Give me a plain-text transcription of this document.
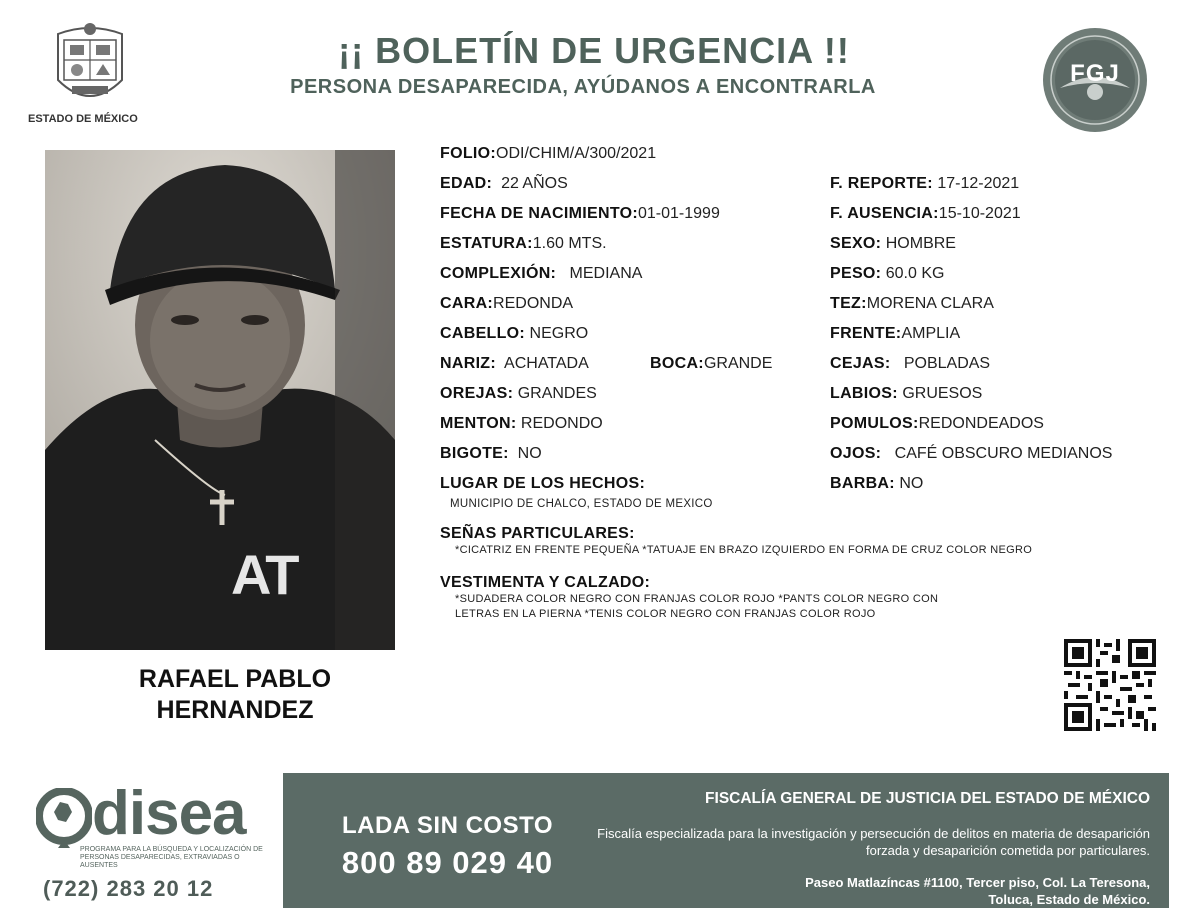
ESTADO DE MÉXICO
¡¡ BOLETÍN DE URGENCIA !!
PERSONA DESAPARECIDA, AYÚDANOS A ENCONTRARLA	FGJ
AT
RAFAEL PABLO
HERNANDEZ
FOLIO:ODI/CHIM/A/300/2021
EDAD: 22 AÑOS
FECHA DE NACIMIENTO:01-01-1999
ESTATURA:1.60 MTS.
COMPLEXIÓN: MEDIANA
CARA:REDONDA
CABELLO: NEGRO
NARIZ: ACHATADA	BOCA:GRANDE
OREJAS: GRANDES
MENTON: REDONDO
BIGOTE: NO
LUGAR DE LOS HECHOS:
MUNICIPIO DE CHALCO, ESTADO DE MEXICO
F. REPORTE: 17-12-2021
F. AUSENCIA:15-10-2021
SEXO: HOMBRE
PESO: 60.0 KG
TEZ:MORENA CLARA
FRENTE:AMPLIA
CEJAS: POBLADAS
LABIOS: GRUESOS
POMULOS:REDONDEADOS
OJOS: CAFÉ OBSCURO MEDIANOS
BARBA: NO
SEÑAS PARTICULARES:
*CICATRIZ EN FRENTE PEQUEÑA *TATUAJE EN BRAZO IZQUIERDO EN FORMA DE CRUZ COLOR NEGRO
VESTIMENTA Y CALZADO:
*SUDADERA COLOR NEGRO CON FRANJAS COLOR ROJO *PANTS COLOR NEGRO CON
LETRAS EN LA PIERNA *TENIS COLOR NEGRO CON FRANJAS COLOR ROJO
disea
PROGRAMA PARA LA BÚSQUEDA Y LOCALIZACIÓN DE PERSONAS DESAPARECIDAS, EXTRAVIADAS O AUSENTES
(722) 283 20 12
LADA SIN COSTO
800 89 029 40
FISCALÍA GENERAL DE JUSTICIA DEL ESTADO DE MÉXICO
Fiscalía especializada para la investigación y persecución de delitos en materia de desaparición forzada y desaparición cometida por particulares.
Paseo Matlazíncas #1100, Tercer piso, Col. La Teresona,
Toluca, Estado de México.
